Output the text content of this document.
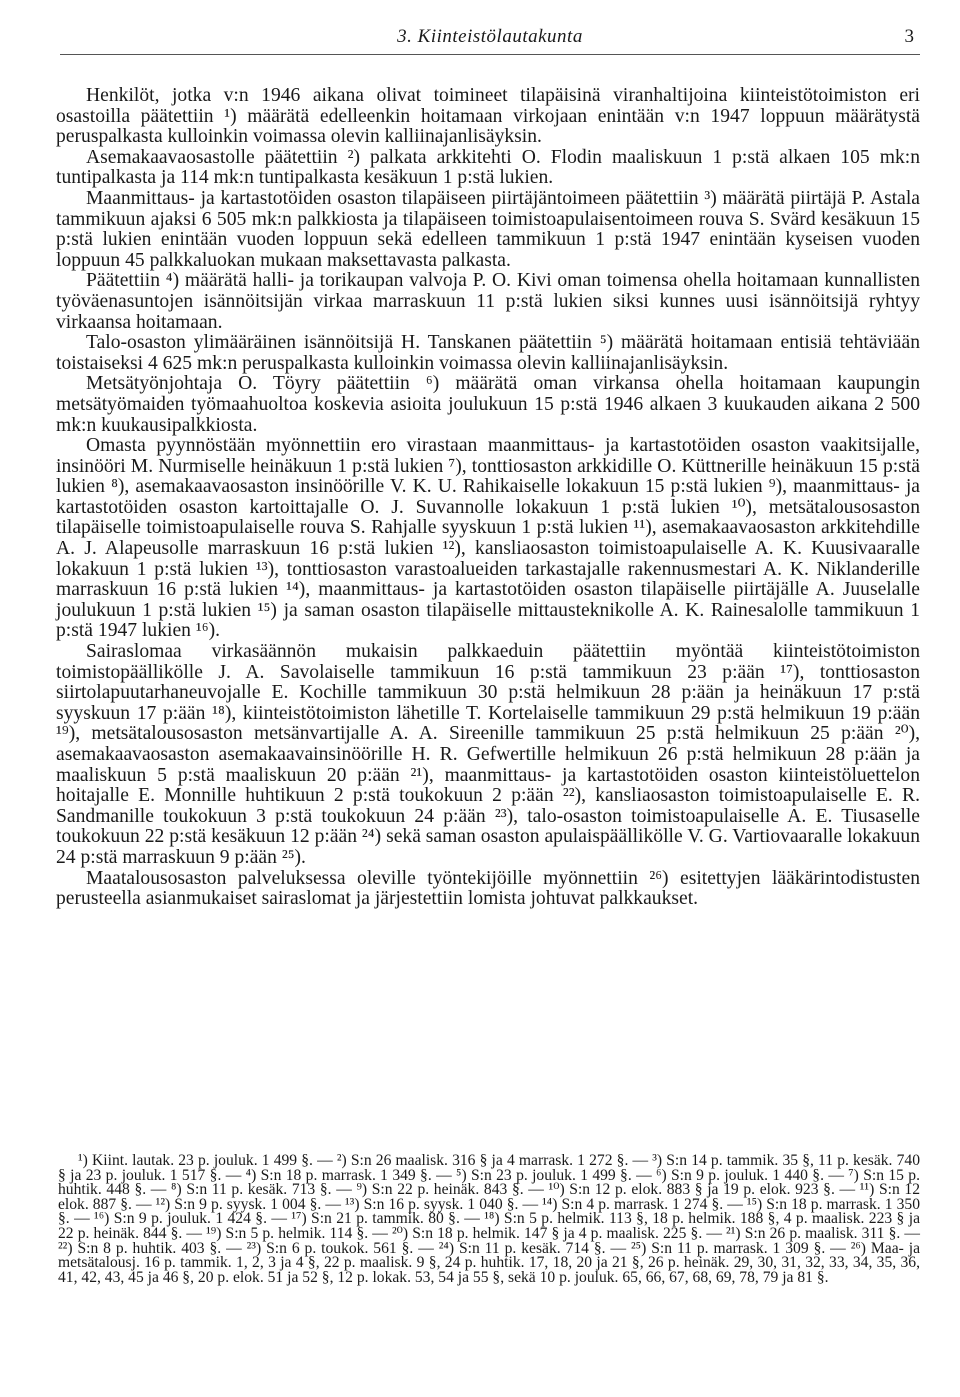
3. Kiinteistölautakunta	3

Henkilöt, jotka v:n 1946 aikana olivat toimineet tilapäisinä viranhaltijoina kiinteistötoimiston eri osastoilla päätettiin ¹) määrätä edelleenkin hoitamaan virkojaan enintään v:n 1947 loppuun määrätystä peruspalkasta kulloinkin voimassa olevin kalliinajanlisäyksin.

Asemakaavaosastolle päätettiin ²) palkata arkkitehti O. Flodin maaliskuun 1 p:stä alkaen 105 mk:n tuntipalkasta ja 114 mk:n tuntipalkasta kesäkuun 1 p:stä lukien.

Maanmittaus- ja kartastotöiden osaston tilapäiseen piirtäjäntoimeen päätettiin ³) määrätä piirtäjä P. Astala tammikuun ajaksi 6 505 mk:n palkkiosta ja tilapäiseen toimistoapulaisentoimeen rouva S. Svärd kesäkuun 15 p:stä lukien enintään vuoden loppuun sekä edelleen tammikuun 1 p:stä 1947 enintään kyseisen vuoden loppuun 45 palkkaluokan mukaan maksettavasta palkasta.

Päätettiin ⁴) määrätä halli- ja torikaupan valvoja P. O. Kivi oman toimensa ohella hoitamaan kunnallisten työväenasuntojen isännöitsijän virkaa marraskuun 11 p:stä lukien siksi kunnes uusi isännöitsijä ryhtyy virkaansa hoitamaan.

Talo-osaston ylimääräinen isännöitsijä H. Tanskanen päätettiin ⁵) määrätä hoitamaan entisiä tehtäviään toistaiseksi 4 625 mk:n peruspalkasta kulloinkin voimassa olevin kalliinajanlisäyksin.

Metsätyönjohtaja O. Töyry päätettiin ⁶) määrätä oman virkansa ohella hoitamaan kaupungin metsätyömaiden työmaahuoltoa koskevia asioita joulukuun 15 p:stä 1946 alkaen 3 kuukauden aikana 2 500 mk:n kuukausipalkkiosta.

Omasta pyynnöstään myönnettiin ero virastaan maanmittaus- ja kartastotöiden osaston vaakitsijalle, insinööri M. Nurmiselle heinäkuun 1 p:stä lukien ⁷), tonttiosaston arkkidille O. Küttnerille heinäkuun 15 p:stä lukien ⁸), asemakaavaosaston insinöörille V. K. U. Rahikaiselle lokakuun 15 p:stä lukien ⁹), maanmittaus- ja kartastotöiden osaston kartoittajalle O. J. Suvannolle lokakuun 1 p:stä lukien ¹⁰), metsätalousosaston tilapäiselle toimistoapulaiselle rouva S. Rahjalle syyskuun 1 p:stä lukien ¹¹), asemakaavaosaston arkkitehdille A. J. Alapeusolle marraskuun 16 p:stä lukien ¹²), kansliaosaston toimistoapulaiselle A. K. Kuusivaaralle lokakuun 1 p:stä lukien ¹³), tonttiosaston varastoalueiden tarkastajalle rakennusmestari A. K. Niklanderille marraskuun 16 p:stä lukien ¹⁴), maanmittaus- ja kartastotöiden osaston tilapäiselle piirtäjälle A. Juuselalle joulukuun 1 p:stä lukien ¹⁵) ja saman osaston tilapäiselle mittausteknikolle A. K. Rainesalolle tammikuun 1 p:stä 1947 lukien ¹⁶).

Sairaslomaa virkasäännön mukaisin palkkaeduin päätettiin myöntää kiinteistötoimiston toimistopäällikölle J. A. Savolaiselle tammikuun 16 p:stä tammikuun 23 p:ään ¹⁷), tonttiosaston siirtolapuutarhaneuvojalle E. Kochille tammikuun 30 p:stä helmikuun 28 p:ään ja heinäkuun 17 p:stä syyskuun 17 p:ään ¹⁸), kiinteistötoimiston lähetille T. Kortelaiselle tammikuun 29 p:stä helmikuun 19 p:ään ¹⁹), metsätalousosaston metsänvartijalle A. A. Sireenille tammikuun 25 p:stä helmikuun 25 p:ään ²⁰), asemakaavaosaston asemakaavainsinöörille H. R. Gefwertille helmikuun 26 p:stä helmikuun 28 p:ään ja maaliskuun 5 p:stä maaliskuun 20 p:ään ²¹), maanmittaus- ja kartastotöiden osaston kiinteistöluettelon hoitajalle E. Monnille huhtikuun 2 p:stä toukokuun 2 p:ään ²²), kansliaosaston toimistoapulaiselle E. R. Sandmanille toukokuun 3 p:stä toukokuun 24 p:ään ²³), talo-osaston toimistoapulaiselle A. E. Tiusaselle toukokuun 22 p:stä kesäkuun 12 p:ään ²⁴) sekä saman osaston apulaispäällikölle V. G. Vartiovaaralle lokakuun 24 p:stä marraskuun 9 p:ään ²⁵).

Maatalousosaston palveluksessa oleville työntekijöille myönnettiin ²⁶) esitettyjen lääkärintodistusten perusteella asianmukaiset sairaslomat ja järjestettiin lomista johtuvat palkkaukset.

¹) Kiint. lautak. 23 p. jouluk. 1 499 §. — ²) S:n 26 maalisk. 316 § ja 4 marrask. 1 272 §. — ³) S:n 14 p. tammik. 35 §, 11 p. kesäk. 740 § ja 23 p. jouluk. 1 517 §. — ⁴) S:n 18 p. marrask. 1 349 §. — ⁵) S:n 23 p. jouluk. 1 499 §. — ⁶) S:n 9 p. jouluk. 1 440 §. — ⁷) S:n 15 p. huhtik. 448 §. — ⁸) S:n 11 p. kesäk. 713 §. — ⁹) S:n 22 p. heinäk. 843 §. — ¹⁰) S:n 12 p. elok. 883 § ja 19 p. elok. 923 §. — ¹¹) S:n 12 elok. 887 §. — ¹²) S:n 9 p. syysk. 1 004 §. — ¹³) S:n 16 p. syysk. 1 040 §. — ¹⁴) S:n 4 p. marrask. 1 274 §. — ¹⁵) S:n 18 p. marrask. 1 350 §. — ¹⁶) S:n 9 p. jouluk. 1 424 §. — ¹⁷) S:n 21 p. tammik. 80 §. — ¹⁸) S:n 5 p. helmik. 113 §, 18 p. helmik. 188 §, 4 p. maalisk. 223 § ja 22 p. heinäk. 844 §. — ¹⁹) S:n 5 p. helmik. 114 §. — ²⁰) S:n 18 p. helmik. 147 § ja 4 p. maalisk. 225 §. — ²¹) S:n 26 p. maalisk. 311 §. — ²²) S:n 8 p. huhtik. 403 §. — ²³) S:n 6 p. toukok. 561 §. — ²⁴) S:n 11 p. kesäk. 714 §. — ²⁵) S:n 11 p. marrask. 1 309 §. — ²⁶) Maa- ja metsätalousj. 16 p. tammik. 1, 2, 3 ja 4 §, 22 p. maalisk. 9 §, 24 p. huhtik. 17, 18, 20 ja 21 §, 26 p. heinäk. 29, 30, 31, 32, 33, 34, 35, 36, 41, 42, 43, 45 ja 46 §, 20 p. elok. 51 ja 52 §, 12 p. lokak. 53, 54 ja 55 §, sekä 10 p. jouluk. 65, 66, 67, 68, 69, 78, 79 ja 81 §.
